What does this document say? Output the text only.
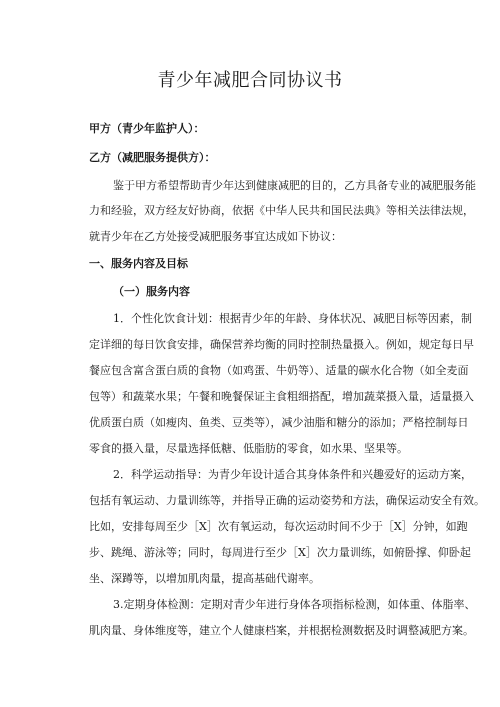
青少年减肥合同协议书
甲方（青少年监护人）：
乙方（减肥服务提供方）：
鉴于甲方希望帮助青少年达到健康减肥的目的，乙方具备专业的减肥服务能
力和经验，双方经友好协商，依据《中华人民共和国民法典》等相关法律法规，
就青少年在乙方处接受减肥服务事宜达成如下协议：
一、服务内容及目标
（一）服务内容
1．个性化饮食计划：根据青少年的年龄、身体状况、减肥目标等因素，制
定详细的每日饮食安排，确保营养均衡的同时控制热量摄入。例如，规定每日早
餐应包含富含蛋白质的食物（如鸡蛋、牛奶等）、适量的碳水化合物（如全麦面
包等）和蔬菜水果；午餐和晚餐保证主食粗细搭配，增加蔬菜摄入量，适量摄入
优质蛋白质（如瘦肉、鱼类、豆类等），减少油脂和糖分的添加；严格控制每日
零食的摄入量，尽量选择低糖、低脂肪的零食，如水果、坚果等。
2．科学运动指导：为青少年设计适合其身体条件和兴趣爱好的运动方案，
包括有氧运动、力量训练等，并指导正确的运动姿势和方法，确保运动安全有效。
比如，安排每周至少［X］次有氧运动，每次运动时间不少于［X］分钟，如跑
步、跳绳、游泳等；同时，每周进行至少［X］次力量训练，如俯卧撑、仰卧起
坐、深蹲等，以增加肌肉量，提高基础代谢率。
3.定期身体检测：定期对青少年进行身体各项指标检测，如体重、体脂率、
肌肉量、身体维度等，建立个人健康档案，并根据检测数据及时调整减肥方案。
